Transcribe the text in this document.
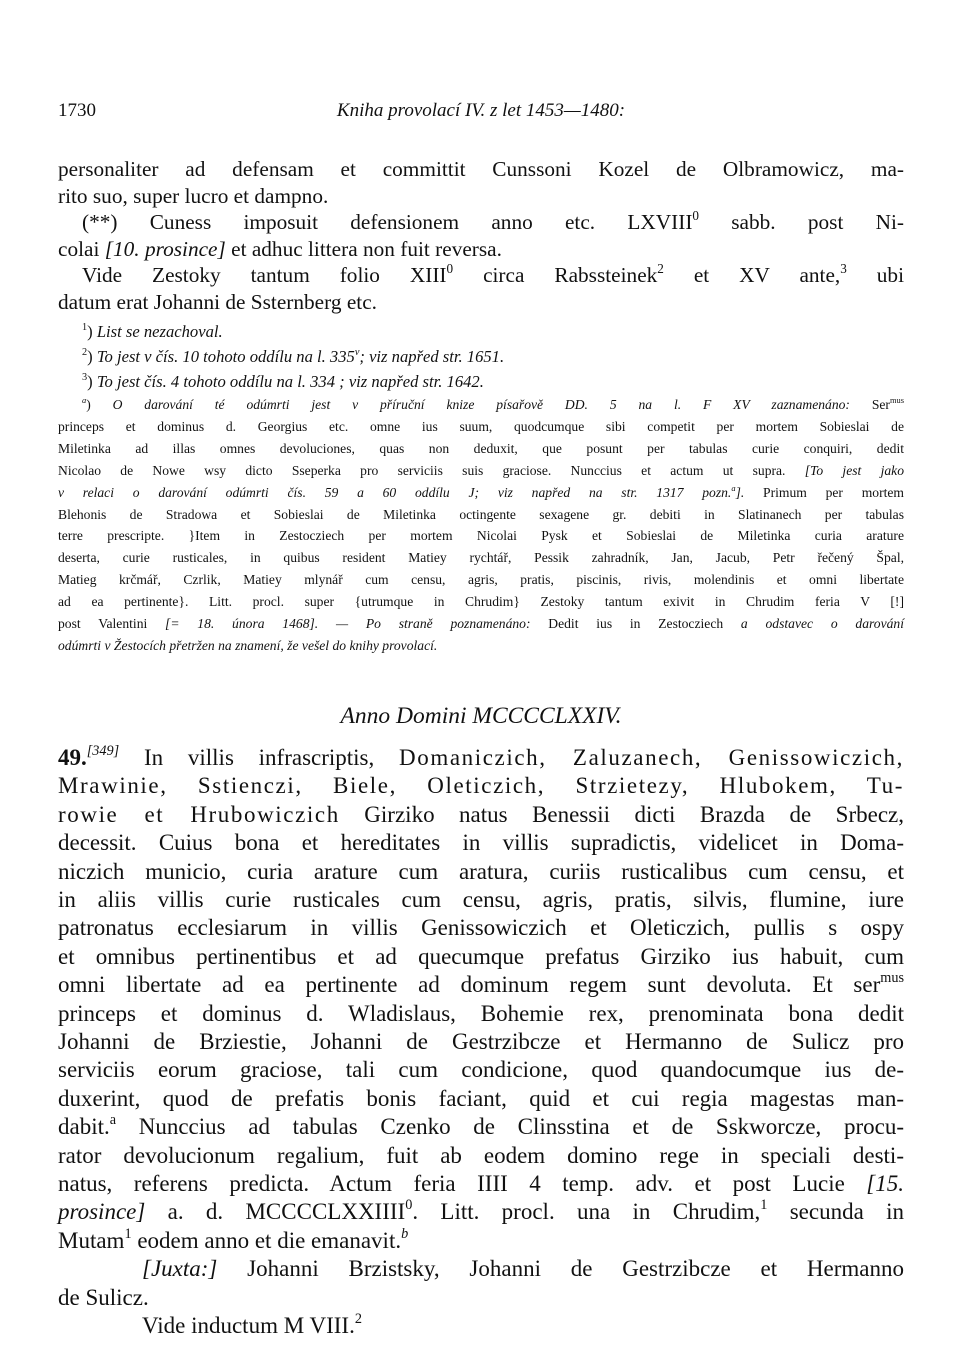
1730	Kniha provolací IV. z let 1453—1480:
personaliter ad defensam et committit Cunssoni Kozel de Olbramowicz, ma-
rito suo, super lucro et dampno.
(**) Cuness imposuit defensionem anno etc. LXVIII$^0$ sabb. post Ni-
colai [10. prosince] et adhuc littera non fuit reversa.
Vide Zestoky tantum folio XIII$^0$ circa Rabssteinek$^2$ et XV ante,$^3$ ubi
datum erat Johanni de Ssternberg etc.
$^1$) List se nezachoval.
$^2$) To jest v čís. 10 tohoto oddílu na l. 335$^v$; viz napřed str. 1651.
$^3$) To jest čís. 4 tohoto oddílu na l. 334 ; viz napřed str. 1642.
$^a$) O darování té odúmrti jest v příruční knize písařově DD. 5 na l. F XV zaznamenáno: Ser$^{mus}$
princeps et dominus d. Georgius etc. omne ius suum, quodcumque sibi competit per mortem Sobieslai de
Miletinka ad illas omnes devoluciones, quas non deduxit, que posunt per tabulas curie conquiri, dedit
Nicolao de Nowe wsy dicto Sseperka pro serviciis suis graciose. Nunccius et actum ut supra. [To jest jako
v relaci o darování odúmrti čís. 59 a 60 oddílu J; viz napřed na str. 1317 pozn.$^a$]. Primum per mortem
Blehonis de Stradowa et Sobieslai de Miletinka octingente sexagene gr. debiti in Slatinanech per tabulas
terre prescripte. }Item in Zestocziech per mortem Nicolai Pysk et Sobieslai de Miletinka curia arature
deserta, curie rusticales, in quibus resident Matiey rychtář, Pessik zahradník, Jan, Jacub, Petr řečený Špal,
Matieg krčmář, Czrlik, Matiey mlynář cum censu, agris, pratis, piscinis, rivis, molendinis et omni libertate
ad ea pertinente}. Litt. procl. super {utrumque in Chrudim} Zestoky tantum exivit in Chrudim feria V [!]
post Valentini [= 18. února 1468]. — Po straně poznamenáno: Dedit ius in Zestocziech a odstavec o darování
odúmrti v Žestocích přetržen na znamení, že vešel do knihy provolací.
Anno Domini MCCCCLXXIV.
49.[349] In villis infrascriptis, Domaniczich, Zaluzanech, Genissowiczich,
Mrawinie, Sstienczi, Biele, Oleticzich, Strzietezy, Hlubokem, Tu-
rowie et Hrubowiczich Girziko natus Benessii dicti Brazda de Srbecz,
decessit. Cuius bona et hereditates in villis supradictis, videlicet in Doma-
niczich municio, curia arature cum aratura, curiis rusticalibus cum censu, et
in aliis villis curie rusticales cum censu, agris, pratis, silvis, flumine, iure
patronatus ecclesiarum in villis Genissowiczich et Oleticzich, pullis s ospy
et omnibus pertinentibus et ad quecumque prefatus Girziko ius habuit, cum
omni libertate ad ea pertinente ad dominum regem sunt devoluta. Et ser$^{mus}$
princeps et dominus d. Wladislaus, Bohemie rex, prenominata bona dedit
Johanni de Brziestie, Johanni de Gestrzibcze et Hermanno de Sulicz pro
serviciis eorum graciose, tali cum condicione, quod quandocumque ius de-
duxerint, quod de prefatis bonis faciant, quid et cui regia magestas man-
dabit.$^a$ Nunccius ad tabulas Czenko de Clinsstina et de Sskworcze, procu-
rator devolucionum regalium, fuit ab eodem domino rege in speciali desti-
natus, referens predicta. Actum feria IIII 4 temp. adv. et post Lucie [15.
prosince] a. d. MCCCCLXXIIII$^0$. Litt. procl. una in Chrudim,$^1$ secunda in
Mutam$^1$ eodem anno et die emanavit.$^b$
[Juxta:] Johanni Brzistsky, Johanni de Gestrzibcze et Hermanno
de Sulicz.
Vide inductum M VIII.$^2$
